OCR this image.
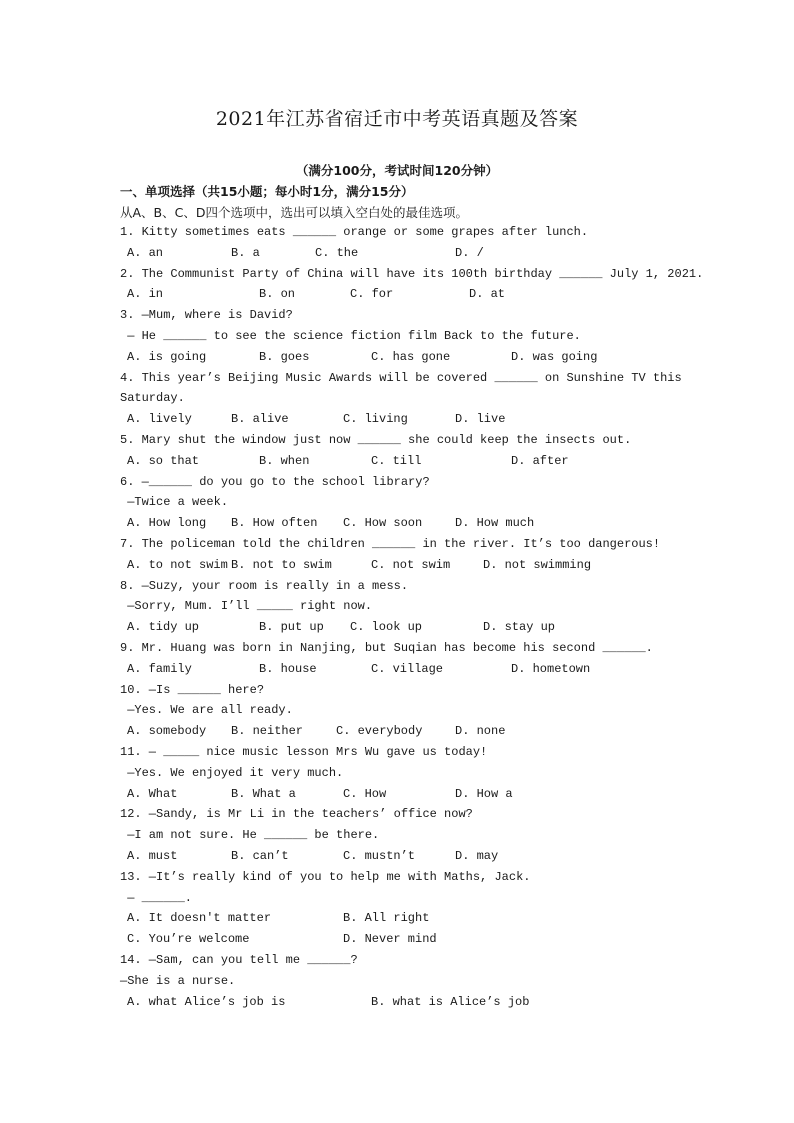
2021年江苏省宿迁市中考英语真题及答案
（满分100分，考试时间120分钟）
一、单项选择（共15小题；每小时1分，满分15分）
从A、B、C、D四个选项中，选出可以填入空白处的最佳选项。
1. Kitty sometimes eats ______ orange or some grapes after lunch.
A. an	B. a	C. the	D. /
2. The Communist Party of China will have its 100th birthday ______ July 1, 2021.
A. in	B. on	C. for	D. at
3. —Mum, where is David?
— He ______ to see the science fiction film Back to the future.
A. is going	B. goes	C. has gone	D. was going
4. This year’s Beijing Music Awards will be covered ______ on Sunshine TV this
Saturday.
A. lively	B. alive	C. living	D. live
5. Mary shut the window just now ______ she could keep the insects out.
A. so that	B. when	C. till	D. after
6. —______ do you go to the school library?
—Twice a week.
A. How long B. How often C. How soon	D. How much
7. The policeman told the children ______ in the river. It’s too dangerous!
A. to not swim B. not to swim	C. not swim	D. not swimming
8. —Suzy, your room is really in a mess.
—Sorry, Mum. I’ll _____ right now.
A. tidy up	B. put up C. look up	D. stay up
9. Mr. Huang was born in Nanjing, but Suqian has become his second ______.
A. family	B. house	C. village	D. hometown
10. —Is ______ here?
—Yes. We are all ready.
A. somebody B. neither	C. everybody	D. none
11. — _____ nice music lesson Mrs Wu gave us today!
—Yes. We enjoyed it very much.
A. What	B. What a	C. How	D. How a
12. —Sandy, is Mr Li in the teachers’ office now?
—I am not sure. He ______ be there.
A. must	B. can’t	C. mustn’t	D. may
13. —It’s really kind of you to help me with Maths, Jack.
— ______.
A. It doesn't matter	B. All right
C. You’re welcome	D. Never mind
14. —Sam, can you tell me ______?
—She is a nurse.
A. what Alice’s job is	B. what is Alice’s job
